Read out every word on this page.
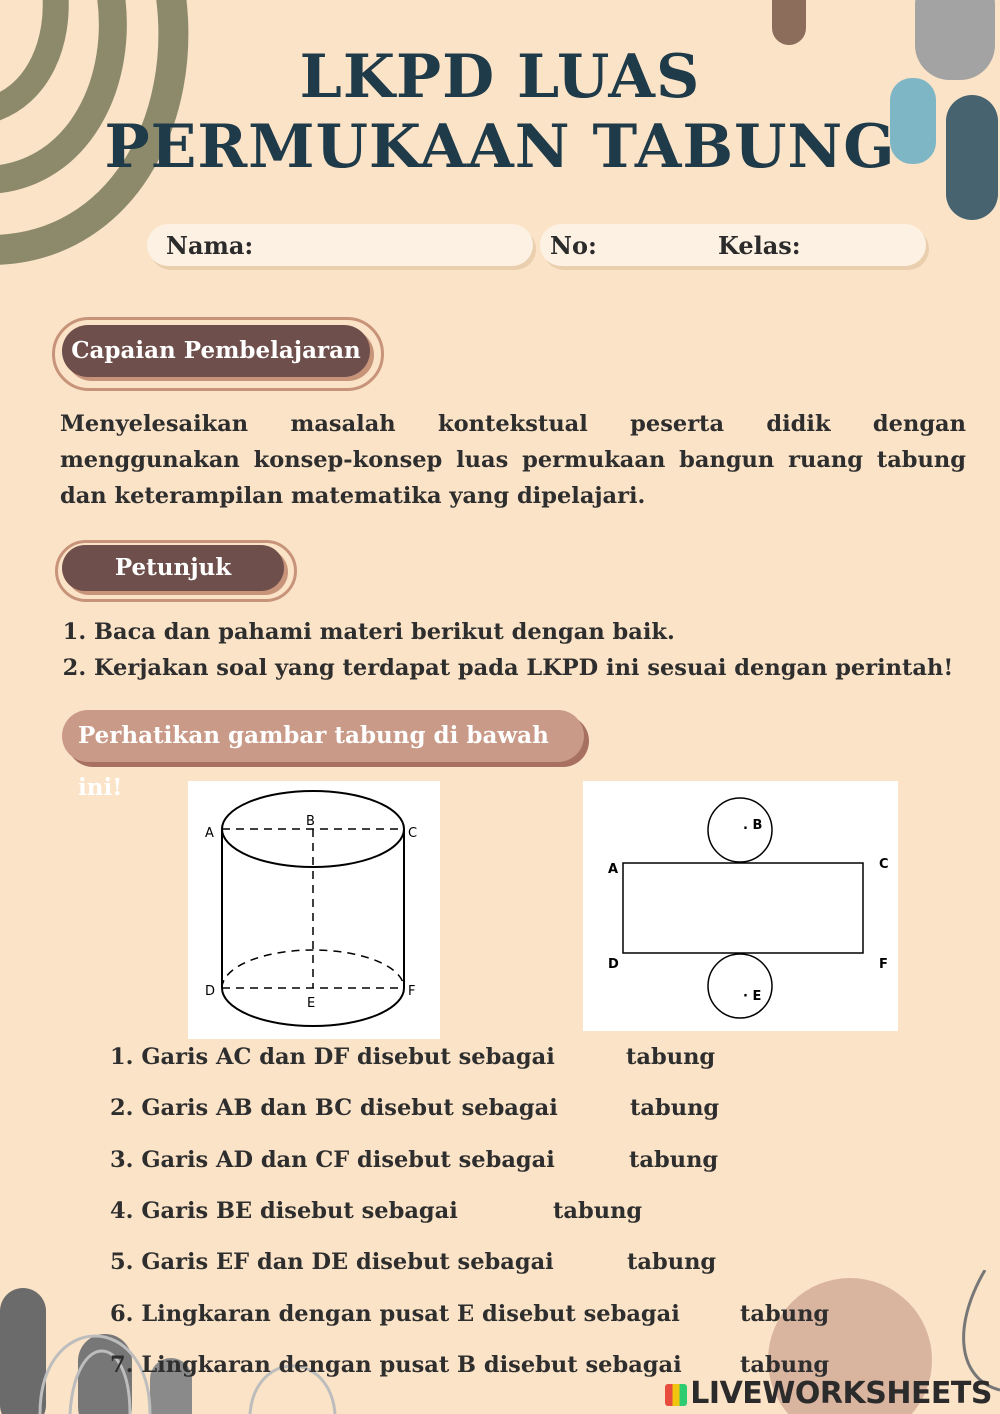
LKPD LUAS
PERMUKAAN TABUNG
Nama:	No:	Kelas:
Capaian Pembelajaran
Menyelesaikan masalah kontekstual peserta didik dengan menggunakan konsep-konsep luas permukaan bangun ruang tabung dan keterampilan matematika yang dipelajari.
Petunjuk
1. Baca dan pahami materi berikut dengan baik.
2. Kerjakan soal yang terdapat pada LKPD ini sesuai dengan perintah!
Perhatikan gambar tabung di bawah ini!
A
B
C
D
E
F
A
. B
C
D
· E
F
1. Garis AC dan DF disebut sebagai	tabung
2. Garis AB dan BC disebut sebagai	tabung
3. Garis AD dan CF disebut sebagai	tabung
4. Garis BE disebut sebagai	tabung
5. Garis EF dan DE disebut sebagai	tabung
6. Lingkaran dengan pusat E disebut sebagai	tabung
7. Lingkaran dengan pusat B disebut sebagai	tabung
LIVEWORKSHEETS
